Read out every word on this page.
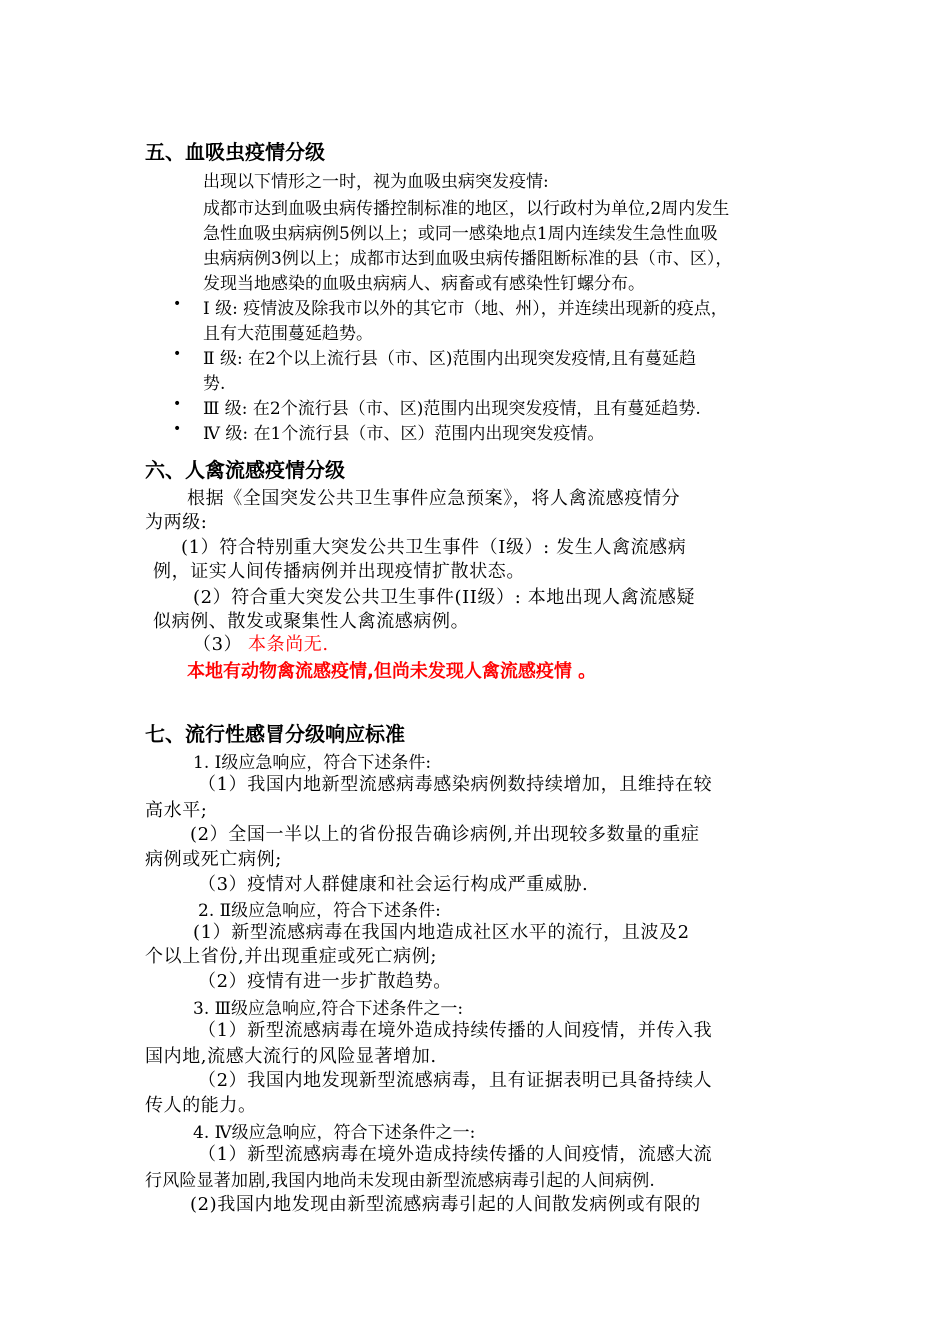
五、血吸虫疫情分级
出现以下情形之一时，视为血吸虫病突发疫情:
成都市达到血吸虫病传播控制标准的地区，以行政村为单位,2周内发生
急性血吸虫病病例5例以上；或同一感染地点1周内连续发生急性血吸
虫病病例3例以上；成都市达到血吸虫病传播阻断标准的县（市、区），
发现当地感染的血吸虫病病人、病畜或有感染性钉螺分布。
• Ⅰ 级: 疫情波及除我市以外的其它市（地、州），并连续出现新的疫点，
且有大范围蔓延趋势。
• Ⅱ 级: 在2个以上流行县（市、区)范围内出现突发疫情,且有蔓延趋
势.
• Ⅲ 级: 在2个流行县（市、区)范围内出现突发疫情，且有蔓延趋势.
• Ⅳ 级: 在1个流行县（市、区）范围内出现突发疫情。
六、人禽流感疫情分级
根据《全国突发公共卫生事件应急预案》，将人禽流感疫情分
为两级:
(1）符合特别重大突发公共卫生事件（Ⅰ级）: 发生人禽流感病
例，证实人间传播病例并出现疫情扩散状态。
(2）符合重大突发公共卫生事件(II级）: 本地出现人禽流感疑
似病例、散发或聚集性人禽流感病例。
（3） 本条尚无.
本地有动物禽流感疫情,但尚未发现人禽流感疫情 。
七、流行性感冒分级响应标准
1. Ⅰ级应急响应，符合下述条件:
（1）我国内地新型流感病毒感染病例数持续增加，且维持在较
高水平;
(2）全国一半以上的省份报告确诊病例,并出现较多数量的重症
病例或死亡病例;
（3）疫情对人群健康和社会运行构成严重威胁.
2. Ⅱ级应急响应，符合下述条件:
(1）新型流感病毒在我国内地造成社区水平的流行，且波及2
个以上省份,并出现重症或死亡病例;
（2）疫情有进一步扩散趋势。
3. Ⅲ级应急响应,符合下述条件之一:
（1）新型流感病毒在境外造成持续传播的人间疫情，并传入我
国内地,流感大流行的风险显著增加.
（2）我国内地发现新型流感病毒，且有证据表明已具备持续人
传人的能力。
4. Ⅳ级应急响应，符合下述条件之一:
（1）新型流感病毒在境外造成持续传播的人间疫情，流感大流
行风险显著加剧,我国内地尚未发现由新型流感病毒引起的人间病例.
(2)我国内地发现由新型流感病毒引起的人间散发病例或有限的
